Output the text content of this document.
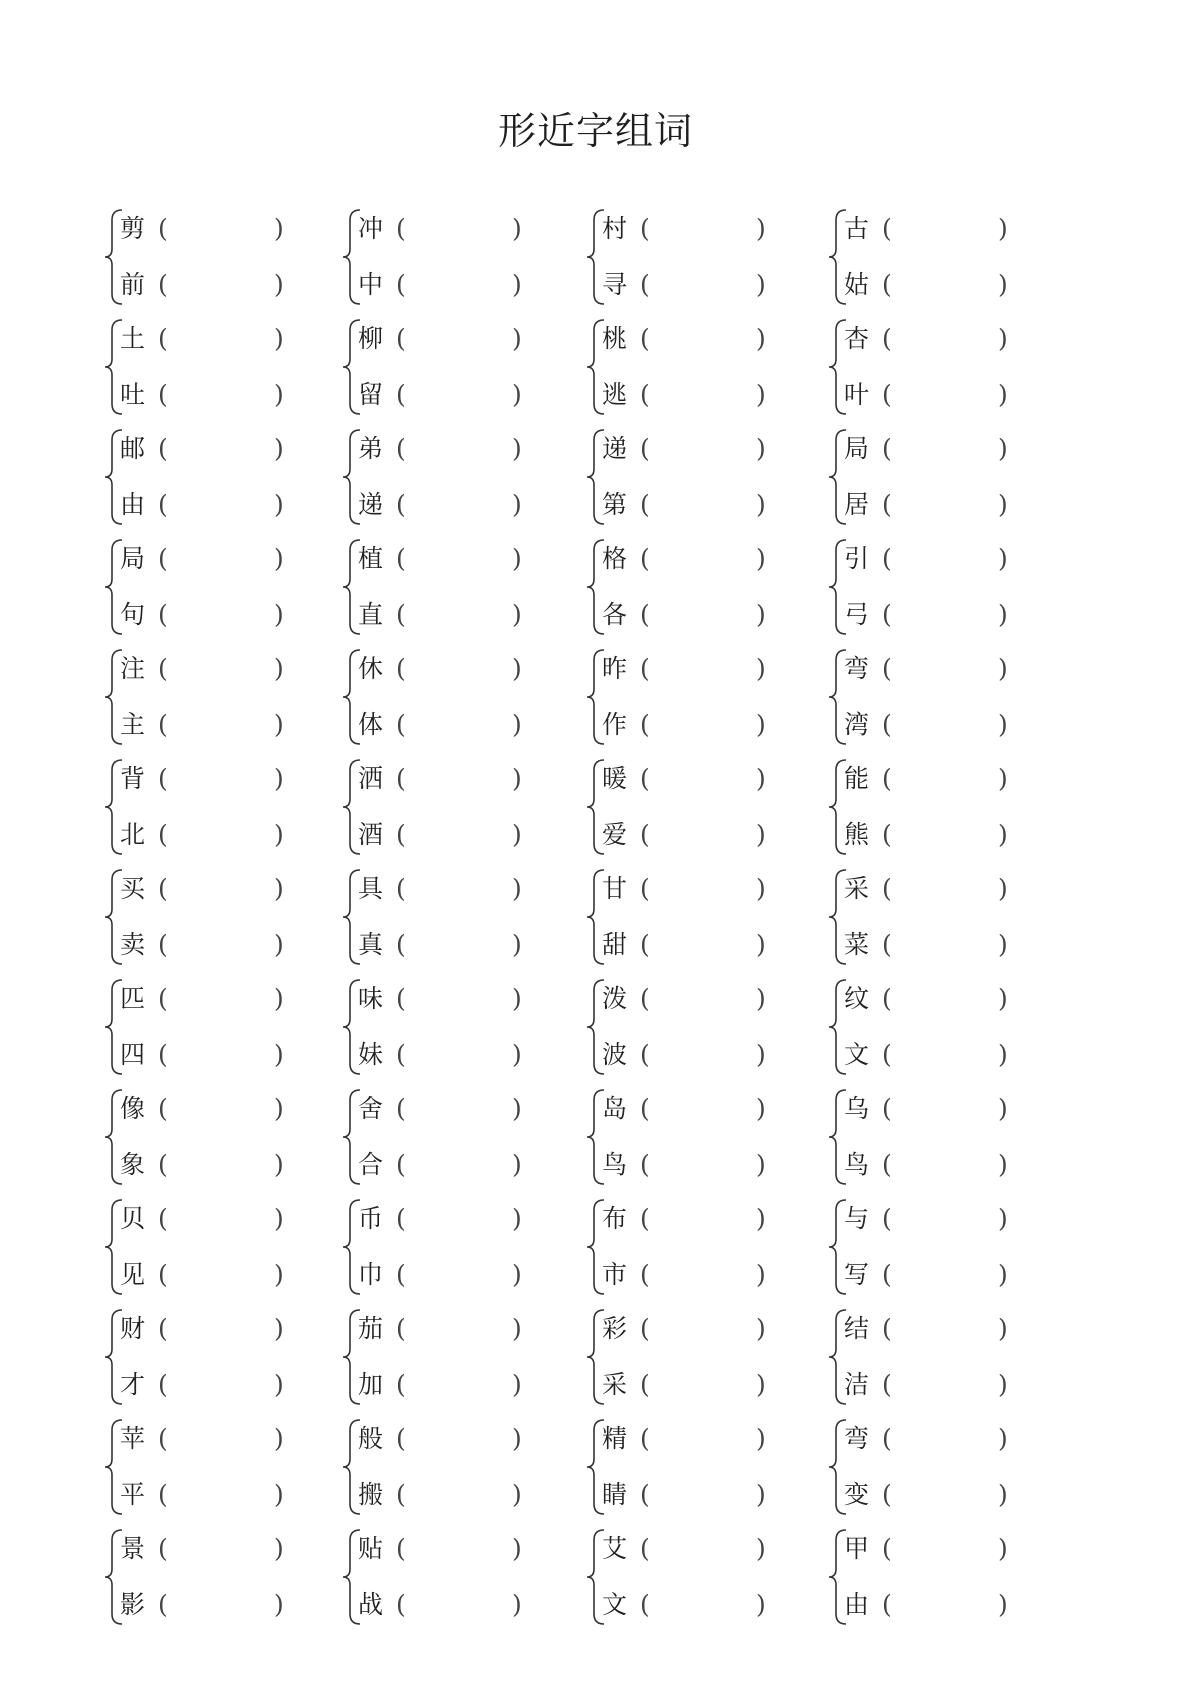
形近字组词
剪 (	)
前 (	)
冲 (	)
中 (	)
村 (	)
寻 (	)
古 (	)
姑 (	)
土 (	)
吐 (	)
柳 (	)
留 (	)
桃 (	)
逃 (	)
杏 (	)
叶 (	)
邮 (	)
由 (	)
弟 (	)
递 (	)
递 (	)
第 (	)
局 (	)
居 (	)
局 (	)
句 (	)
植 (	)
直 (	)
格 (	)
各 (	)
引 (	)
弓 (	)
注 (	)
主 (	)
休 (	)
体 (	)
昨 (	)
作 (	)
弯 (	)
湾 (	)
背 (	)
北 (	)
洒 (	)
酒 (	)
暖 (	)
爱 (	)
能 (	)
熊 (	)
买 (	)
卖 (	)
具 (	)
真 (	)
甘 (	)
甜 (	)
采 (	)
菜 (	)
匹 (	)
四 (	)
味 (	)
妹 (	)
泼 (	)
波 (	)
纹 (	)
文 (	)
像 (	)
象 (	)
舍 (	)
合 (	)
岛 (	)
鸟 (	)
乌 (	)
鸟 (	)
贝 (	)
见 (	)
币 (	)
巾 (	)
布 (	)
市 (	)
与 (	)
写 (	)
财 (	)
才 (	)
茄 (	)
加 (	)
彩 (	)
采 (	)
结 (	)
洁 (	)
苹 (	)
平 (	)
般 (	)
搬 (	)
精 (	)
睛 (	)
弯 (	)
变 (	)
景 (	)
影 (	)
贴 (	)
战 (	)
艾 (	)
文 (	)
甲 (	)
由 (	)
